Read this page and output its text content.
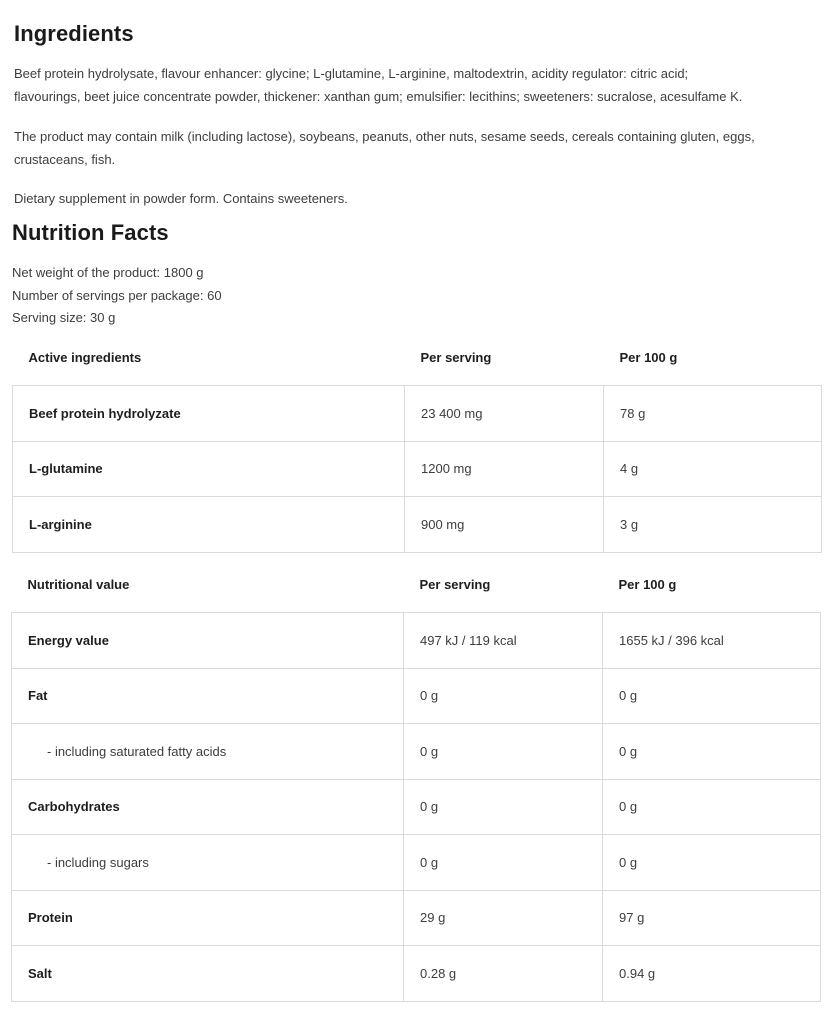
Ingredients
Beef protein hydrolysate, flavour enhancer: glycine; L-glutamine, L-arginine, maltodextrin, acidity regulator: citric acid;
flavourings, beet juice concentrate powder, thickener: xanthan gum; emulsifier: lecithins; sweeteners: sucralose, acesulfame K.
The product may contain milk (including lactose), soybeans, peanuts, other nuts, sesame seeds, cereals containing gluten, eggs,
crustaceans, fish.
Dietary supplement in powder form. Contains sweeteners.
Nutrition Facts
Net weight of the product: 1800 g
Number of servings per package: 60
Serving size: 30 g
Active ingredients	Per serving	Per 100 g
Beef protein hydrolyzate	23 400 mg	78 g
L-glutamine	1200 mg	4 g
L-arginine	900 mg	3 g
Nutritional value	Per serving	Per 100 g
Energy value	497 kJ / 119 kcal	1655 kJ / 396 kcal
Fat	0 g	0 g
- including saturated fatty acids	0 g	0 g
Carbohydrates	0 g	0 g
- including sugars	0 g	0 g
Protein	29 g	97 g
Salt	0.28 g	0.94 g
